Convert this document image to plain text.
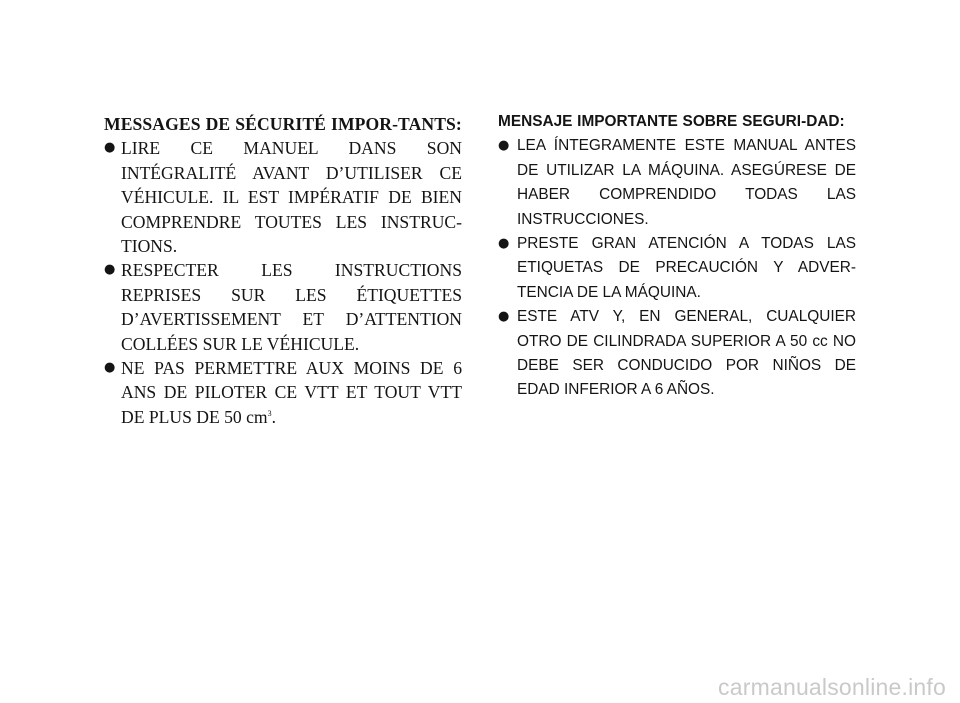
MESSAGES DE SÉCURITÉ IMPOR-TANTS:

● LIRE CE MANUEL DANS SON INTÉGRALITÉ AVANT D’UTILISER CE VÉHICULE. IL EST IMPÉRATIF DE BIEN COMPRENDRE TOUTES LES INSTRUC-TIONS.
● RESPECTER LES INSTRUCTIONS REPRISES SUR LES ÉTIQUETTES D’AVERTISSEMENT ET D’ATTENTION COLLÉES SUR LE VÉHICULE.
● NE PAS PERMETTRE AUX MOINS DE 6 ANS DE PILOTER CE VTT ET TOUT VTT DE PLUS DE 50 $cm^3$.

MENSAJE IMPORTANTE SOBRE SEGURI-DAD:

● LEA ÍNTEGRAMENTE ESTE MANUAL ANTES DE UTILIZAR LA MÁQUINA. ASEGÚRESE DE HABER COMPRENDIDO TODAS LAS INSTRUCCIONES.
● PRESTE GRAN ATENCIÓN A TODAS LAS ETIQUETAS DE PRECAUCIÓN Y ADVER-TENCIA DE LA MÁQUINA.
● ESTE ATV Y, EN GENERAL, CUALQUIER OTRO DE CILINDRADA SUPERIOR A 50 cc NO DEBE SER CONDUCIDO POR NIÑOS DE EDAD INFERIOR A 6 AÑOS.
carmanualsonline.info
